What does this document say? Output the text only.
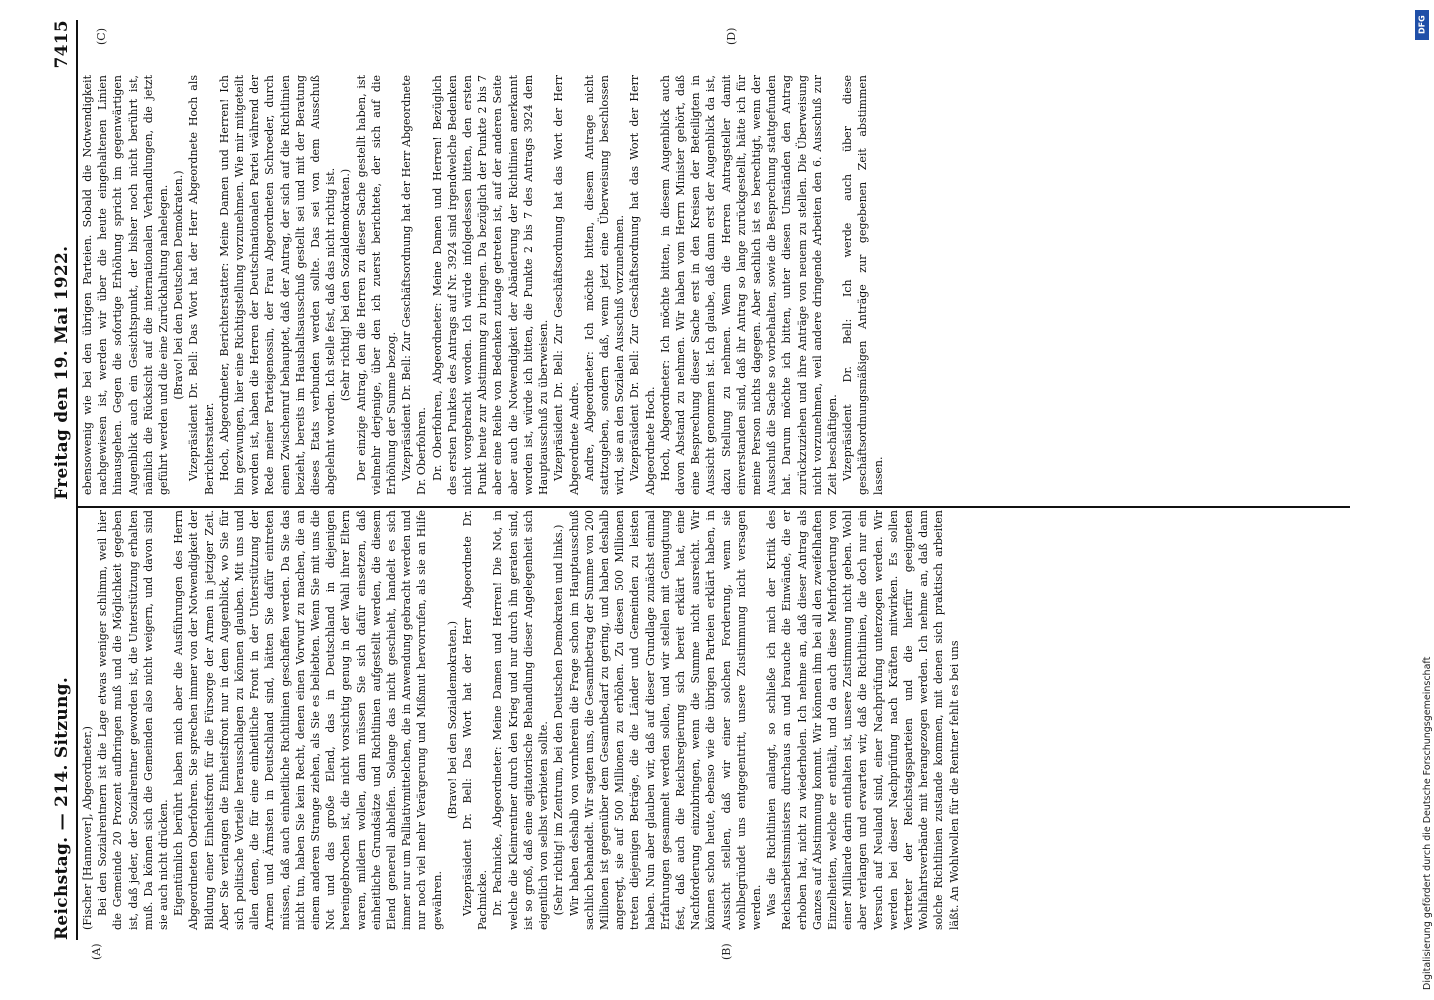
Reichstag. — 214. Sitzung.
Freitag den 19. Mai 1922.
7415
(A)	(B)
(C)	(D)

(Fischer [Hannover], Abgeordneter.) Bei den Sozialrentnern ist die Lage etwas weniger schlimm, weil hier die Gemeinde 20 Prozent aufbringen muß und die Möglichkeit gegeben ist, daß jeder, der Sozialrentner geworden ist, die Unterstützung erhalten muß. Da können sich die Gemeinden also nicht weigern, und davon sind sie auch nicht drücken. Eigentümlich berührt haben mich aber die Ausführungen des Herrn Abgeordneten Oberfohren. Sie sprechen immer von der Notwendigkeit der Bildung einer Einheitsfront für die Fürsorge der Armen in jetziger Zeit. Aber Sie verlangen die Einheitsfront nur in dem Augenblick, wo Sie für sich politische Vorteile herausschlagen zu können glauben. Mit uns und allen denen, die für eine einheitliche Front in der Unterstützung der Armen und Ärmsten in Deutschland sind, hätten Sie dafür eintreten müssen, daß auch einheitliche Richtlinien geschaffen werden. Da Sie das nicht tun, haben Sie kein Recht, denen einen Vorwurf zu machen, die an einem anderen Strange ziehen, als Sie es beliebten. Wenn Sie mit uns die Not und das große Elend, das in Deutschland in diejenigen hereingebrochen ist, die nicht vorsichtig genug in der Wahl ihrer Eltern waren, mildern wollen, dann müssen Sie sich dafür einsetzen, daß einheitliche Grundsätze und Richtlinien aufgestellt werden, die diesem Elend generell abhelfen. Solange das nicht geschieht, handelt es sich immer nur um Palliativmittelchen, die in Anwendung gebracht werden und nur noch viel mehr Verärgerung und Mißmut hervorrufen, als sie an Hilfe gewähren.

(Bravo! bei den Sozialdemokraten.) Vizepräsident Dr. Bell: Das Wort hat der Herr Abgeordnete Dr. Pachnicke. Dr. Pachnicke, Abgeordneter: Meine Damen und Herren! Die Not, in welche die Kleinrentner durch den Krieg und nur durch ihn geraten sind, ist so groß, daß eine agitatorische Behandlung dieser Angelegenheit sich eigentlich von selbst verbieten sollte. (Sehr richtig! im Zentrum, bei den Deutschen Demokraten und links.) Wir haben deshalb von vornherein die Frage schon im Hauptausschuß sachlich behandelt. Wir sagten uns, die Gesamtbetrag der Summe von 200 Millionen ist gegenüber dem Gesamtbedarf zu gering, und haben deshalb angeregt, sie auf 500 Millionen zu erhöhen. Zu diesen 500 Millionen treten diejenigen Beträge, die die Länder und Gemeinden zu leisten haben. Nun aber glauben wir, daß auf dieser Grundlage zunächst einmal Erfahrungen gesammelt werden sollen, und wir stellen mit Genugtuung fest, daß auch die Reichsregierung sich bereit erklärt hat, eine Nachforderung einzubringen, wenn die Summe nicht ausreicht. Wir können schon heute, ebenso wie die übrigen Parteien erklärt haben, in Aussicht stellen, daß wir einer solchen Forderung, wenn sie wohlbegründet uns entgegentritt, unsere Zustimmung nicht versagen werden. Was die Richtlinien anlangt, so schließe ich mich der Kritik des Reichsarbeitsministers durchaus an und brauche die Einwände, die er erhoben hat, nicht zu wiederholen. Ich nehme an, daß dieser Antrag als Ganzes auf Abstimmung kommt. Wir können ihm bei all den zweifelhaften Einzelheiten, welche er enthält, und da auch diese Mehrforderung von einer Milliarde darin enthalten ist, unsere Zustimmung nicht geben. Wohl aber verlangen und erwarten wir, daß die Richtlinien, die doch nur ein Versuch auf Neuland sind, einer Nachprüfung unterzogen werden. Wir werden bei dieser Nachprüfung nach Kräften mitwirken. Es sollen Vertreter der Reichstagsparteien und die hierfür geeigneten Wohlfahrtsverbände mit herangezogen werden. Ich nehme an, daß dann solche Richtlinien zustande kommen, mit denen sich praktisch arbeiten läßt. An Wohlwollen für die Rentner fehlt es bei uns

ebensowenig wie bei den übrigen Parteien. Sobald die Notwendigkeit nachgewiesen ist, werden wir über die heute eingehaltenen Linien hinausgehen. Gegen die sofortige Erhöhung spricht im gegenwärtigen Augenblick auch ein Gesichtspunkt, der bisher noch nicht berührt ist, nämlich die Rücksicht auf die internationalen Verhandlungen, die jetzt geführt werden und die eine Zurückhaltung nahelegen. (Bravo! bei den Deutschen Demokraten.) Vizepräsident Dr. Bell: Das Wort hat der Herr Abgeordnete Hoch als Berichterstatter. Hoch, Abgeordneter, Berichterstatter: Meine Damen und Herren! Ich bin gezwungen, hier eine Richtigstellung vorzunehmen. Wie mir mitgeteilt worden ist, haben die Herren der Deutschnationalen Partei während der Rede meiner Parteigenossin, der Frau Abgeordneten Schroeder, durch einen Zwischenruf behauptet, daß der Antrag, der sich auf die Richtlinien bezieht, bereits im Haushaltsausschuß gestellt sei und mit der Beratung dieses Etats verbunden werden sollte. Das sei von dem Ausschuß abgelehnt worden. Ich stelle fest, daß das nicht richtig ist. (Sehr richtig! bei den Sozialdemokraten.) Der einzige Antrag, den die Herren zu dieser Sache gestellt haben, ist vielmehr derjenige, über den ich zuerst berichtete, der sich auf die Erhöhung der Summe bezog. Vizepräsident Dr. Bell: Zur Geschäftsordnung hat der Herr Abgeordnete Dr. Oberfohren. Dr. Oberfohren, Abgeordneter: Meine Damen und Herren! Bezüglich des ersten Punktes des Antrags auf Nr. 3924 sind irgendwelche Bedenken nicht vorgebracht worden. Ich würde infolgedessen bitten, den ersten Punkt heute zur Abstimmung zu bringen. Da bezüglich der Punkte 2 bis 7 aber eine Reihe von Bedenken zutage getreten ist, auf der anderen Seite aber auch die Notwendigkeit der Abänderung der Richtlinien anerkannt worden ist, würde ich bitten, die Punkte 2 bis 7 des Antrags 3924 dem Hauptausschuß zu überweisen. Vizepräsident Dr. Bell: Zur Geschäftsordnung hat das Wort der Herr Abgeordnete Andre. Andre, Abgeordneter: Ich möchte bitten, diesem Antrage nicht stattzugeben, sondern daß, wenn jetzt eine Überweisung beschlossen wird, sie an den Sozialen Ausschuß vorzunehmen. Vizepräsident Dr. Bell: Zur Geschäftsordnung hat das Wort der Herr Abgeordnete Hoch. Hoch, Abgeordneter: Ich möchte bitten, in diesem Augenblick auch davon Abstand zu nehmen. Wir haben vom Herrn Minister gehört, daß eine Besprechung dieser Sache erst in den Kreisen der Beteiligten in Aussicht genommen ist. Ich glaube, daß dann erst der Augenblick da ist, dazu Stellung zu nehmen. Wenn die Herren Antragsteller damit einverstanden sind, daß ihr Antrag so lange zurückgestellt, hätte ich für meine Person nichts dagegen. Aber sachlich ist es berechtigt, wenn der Ausschuß die Sache so vorbehalten, sowie die Besprechung stattgefunden hat. Darum möchte ich bitten, unter diesen Umständen den Antrag zurückzuziehen und ihre Anträge von neuem zu stellen. Die Überweisung nicht vorzunehmen, weil andere dringende Arbeiten den 6. Ausschuß zur Zeit beschäftigen. Vizepräsident Dr. Bell: Ich werde auch über diese geschäftsordnungsmäßigen Anträge zur gegebenen Zeit abstimmen lassen.

DFG
Digitalisierung gefördert durch die Deutsche Forschungsgemeinschaft
